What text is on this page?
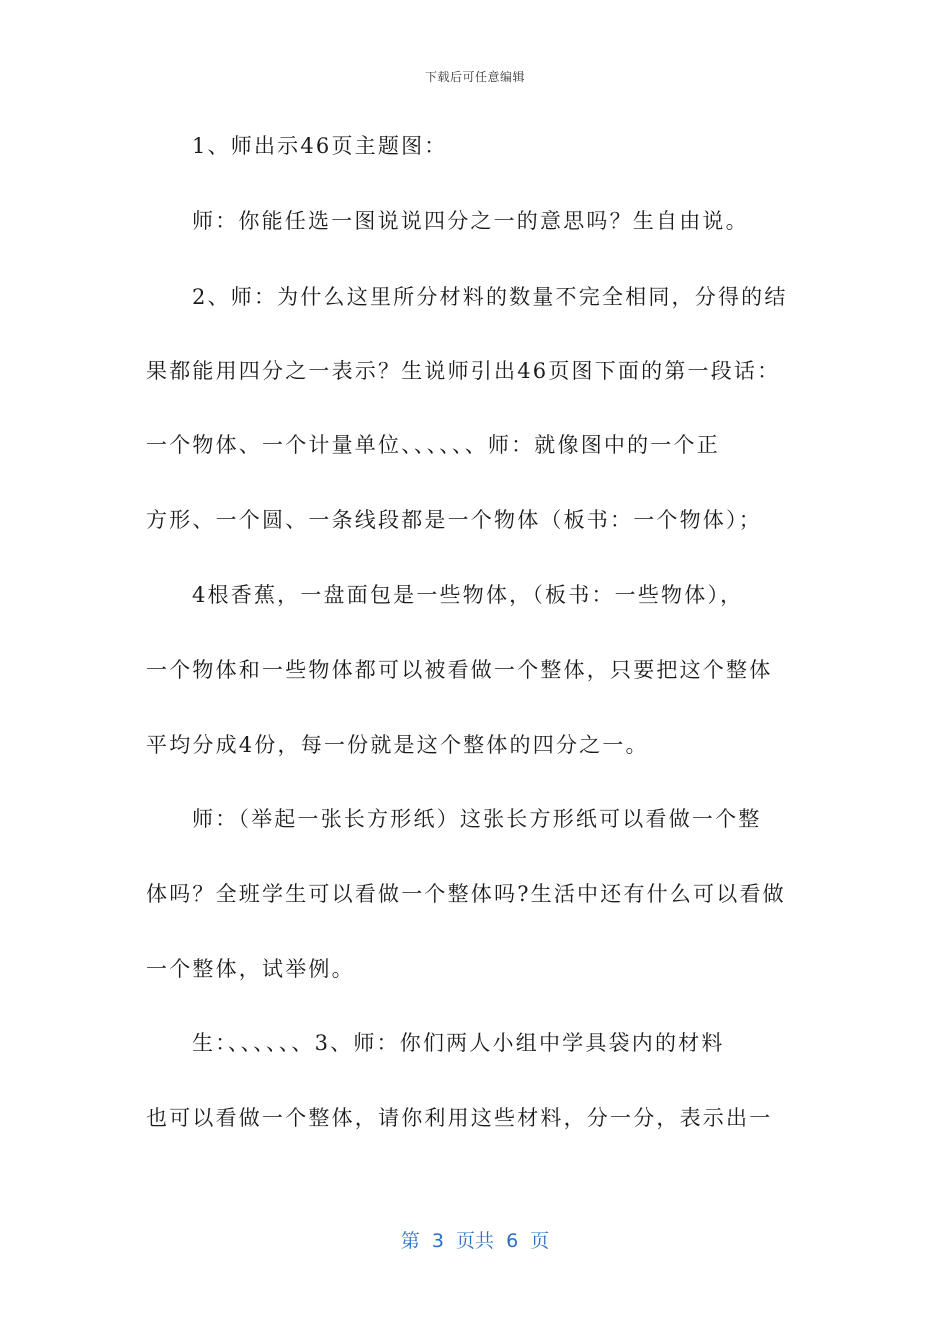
下载后可任意编辑
1、师出示46页主题图：
师：你能任选一图说说四分之一的意思吗？生自由说。
2、师：为什么这里所分材料的数量不完全相同，分得的结
果都能用四分之一表示？生说师引出46页图下面的第一段话：
一个物体、一个计量单位、、、、、、师：就像图中的一个正
方形、一个圆、一条线段都是一个物体（板书：一个物体）；
4根香蕉，一盘面包是一些物体，（板书：一些物体），
一个物体和一些物体都可以被看做一个整体，只要把这个整体
平均分成4份，每一份就是这个整体的四分之一。
师：（举起一张长方形纸）这张长方形纸可以看做一个整
体吗？全班学生可以看做一个整体吗?生活中还有什么可以看做
一个整体，试举例。
生：、、、、、、3、师：你们两人小组中学具袋内的材料
也可以看做一个整体，请你利用这些材料，分一分，表示出一
第  3  页共  6  页
